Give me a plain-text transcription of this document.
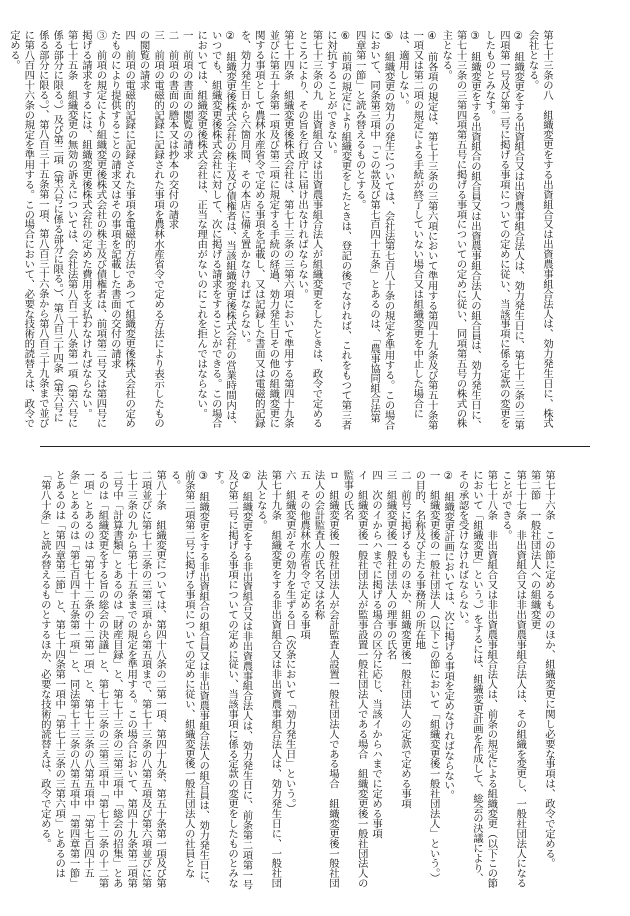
第七十三条の八　組織変更をする出資組合又は出資農事組合法人は、効力発生日に、株式会社となる。
②　組織変更をする出資組合又は出資農事組合法人は、効力発生日に、第七十三条の三第四項第一号及び第二号に掲げる事項についての定めに従い、当該事項に係る定款の変更をしたものとみなす。
③　組織変更をする出資組合の組合員又は出資農事組合法人の組合員は、効力発生日に、第七十三条の三第四項第五号に掲げる事項についての定めに従い、同項第五号の株式の株主となる。
④　前各項の規定は、第七十三条の三第六項において準用する第四十九条及び第五十条第一項又は第二項の規定による手続が終了していない場合又は組織変更を中止した場合には、適用しない。
⑤　組織変更の効力の発生については、会社法第七百八十条の規定を準用する。この場合において、同条第三項中「この款及び第七百四十五条」とあるのは、「農事協同組合法第四章第一節」と読み替えるものとする。
⑥　前項の規定により組織変更をしたときは、登記の後でなければ、これをもつて第三者に対抗することができない。
第七十三条の九　出資組合又は出資農事組合法人が組織変更をしたときは、政令で定めるところにより、その旨を行政庁に届け出なければならない。
第七十四条　組織変更後株式会社は、第七十三条の三第六項において準用する第四十九条並びに第五十条第一項及び第二項に規定する手続の経過、効力発生日その他の組織変更に関する事項として農林水産省令で定める事項を記載し、又は記録した書面又は電磁的記録を、効力発生日から六箇月間、その本店に備え置かなければならない。
②　組織変更後株式会社の株主及び債権者は、当該組織変更後株式会社の営業時間内は、いつでも、組織変更後株式会社に対して、次に掲げる請求をすることができる。この場合においては、組織変更後株式会社は、正当な理由がないのにこれを拒んではならない。
一　前項の書面の閲覧の請求
二　前項の書面の謄本又は抄本の交付の請求
三　前項の電磁的記録に記録された事項を農林水産省令で定める方法により表示したものの閲覧の請求
四　前項の電磁的記録に記録された事項を電磁的方法であつて組織変更後株式会社の定めたものにより提供することの請求又はその事項を記載した書面の交付の請求
③　前項の規定により組織変更後株式会社の株主及び債権者は、前項第二号又は第四号に掲げる請求をするには、組織変更後株式会社の定めた費用を支払わなければならない。
第七十五条　組織変更の無効の訴えについては、会社法第八百二十八条第一項（第六号に係る部分に限る。）及び第二項（第六号に係る部分に限る。）、第八百三十四条（第六号に係る部分に限る。）、第八百三十五条第一項、第八百三十六条から第八百三十九条まで並びに第八百四十六条の規定を準用する。この場合において、必要な技術的読替えは、政令で定める。
第七十六条　この節に定めるもののほか、組織変更に関し必要な事項は、政令で定める。
第二節　一般社団法人への組織変更
第七十七条　非出資組合又は非出資農事組合法人は、その組織を変更し、一般社団法人になることができる。
第七十八条　非出資組合又は非出資農事組合法人は、前条の規定による組織変更（以下この節において「組織変更」という。）をするには、組織変更計画を作成して、総会の決議により、その承認を受けなければならない。
②　組織変更計画においては、次に掲げる事項を定めなければならない。
一　組織変更後の一般社団法人（以下この節において「組織変更後一般社団法人」という。）の目的、名称及び主たる事務所の所在地
二　前号に掲げるもののほか、組織変更後一般社団法人の定款で定める事項
三　組織変更後一般社団法人の理事の氏名
四　次のイからハまでに掲げる場合の区分に応じ、当該イからハまでに定める事項
イ　組織変更後一般社団法人が監事設置一般社団法人である場合　組織変更後一般社団法人の監事の氏名
ロ　組織変更後一般社団法人が会計監査人設置一般社団法人である場合　組織変更後一般社団法人の会計監査人の氏名又は名称
五　その他農林水産省令で定める事項
六　組織変更がその効力を生ずる日（次条において「効力発生日」という。）
第七十九条　組織変更をする非出資組合又は非出資農事組合法人は、効力発生日に、一般社団法人となる。
②　組織変更をする非出資組合又は非出資農事組合法人は、効力発生日に、前条第二項第一号及び第二号に掲げる事項についての定めに従い、当該事項に係る定款の変更をしたものとみなす。
③　組織変更をする非出資組合の組合員又は非出資農事組合法人の組合員は、効力発生日に、前条第二項第二号に掲げる事項についての定めに従い、組織変更後一般社団法人の社員となる。
第八十条　組織変更については、第四十八条の二第一項、第四十九条、第五十条第一項及び第二項並びに第七十三条の三第三項から第五項まで、第七十三条の八第五項及び第六項並びに第七十三条の九から第七十五条までの規定を準用する。この場合において、第四十九条第二項第二号中「計算書類」とあるのは「財産目録」と、第七十三条の三第三項中「総会の招集」とあるのは「組織変更をする旨の総会の決議」と、第七十三条の三第三項中「第七十二条の十二第一項」とあるのは「第七十二条の十二第一項」と、第七十三条の八第五項中「第七百四十五条」とあるのは「第七百四十五条第一項」と、同法第七十三条の八第五項中「第四章第一節」とあるのは「第四章第二節」と、第七十四条第一項中「第七十三条の三第六項」とあるのは「第八十条」と読み替えるものとするほか、必要な技術的読替えは、政令で定める。
